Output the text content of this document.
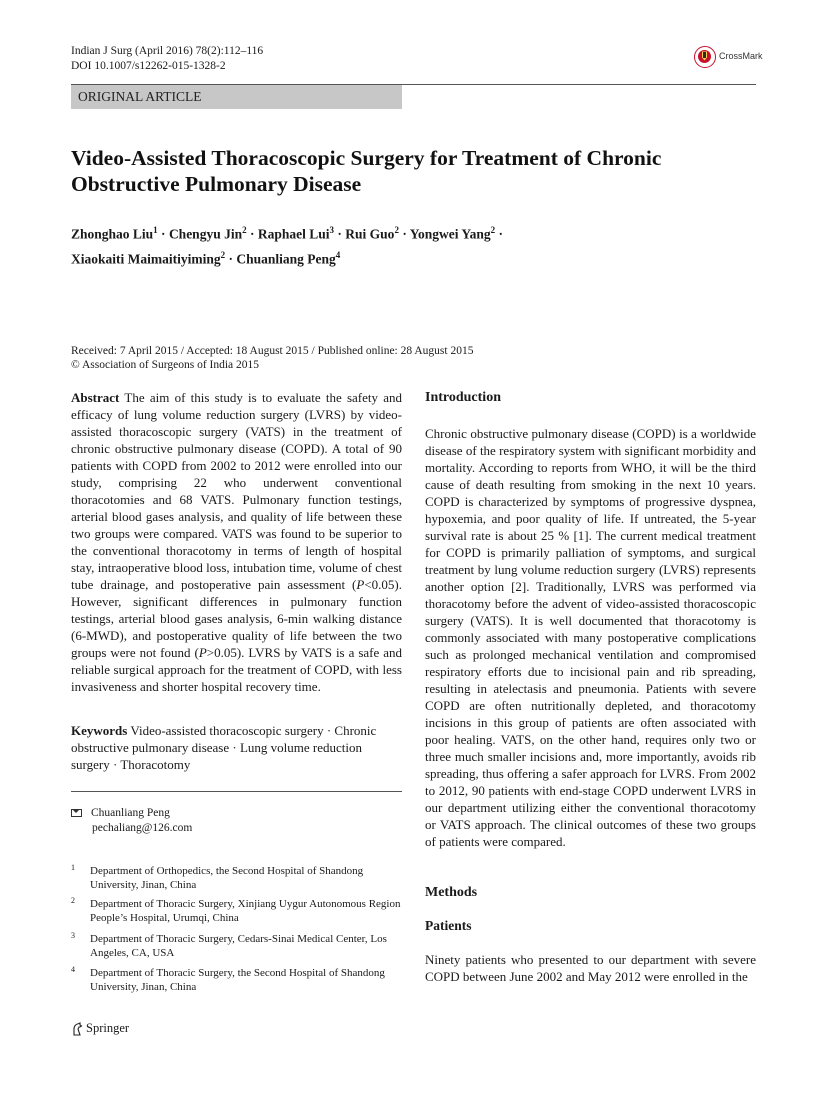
Indian J Surg (April 2016) 78(2):112–116
DOI 10.1007/s12262-015-1328-2
CrossMark
ORIGINAL ARTICLE
Video-Assisted Thoracoscopic Surgery for Treatment of Chronic
Obstructive Pulmonary Disease
Zhonghao Liu$^1$ · Chengyu Jin$^2$ · Raphael Lui$^3$ · Rui Guo$^2$ · Yongwei Yang$^2$ ·
Xiaokaiti Maimaitiyiming$^2$ · Chuanliang Peng$^4$
Received: 7 April 2015 / Accepted: 18 August 2015 / Published online: 28 August 2015
© Association of Surgeons of India 2015

Abstract The aim of this study is to evaluate the safety and efficacy of lung volume reduction surgery (LVRS) by video-assisted thoracoscopic surgery (VATS) in the treatment of chronic obstructive pulmonary disease (COPD). A total of 90 patients with COPD from 2002 to 2012 were enrolled into our study, comprising 22 who underwent conventional thoracotomies and 68 VATS. Pulmonary function testings, arterial blood gases analysis, and quality of life between these two groups were compared. VATS was found to be superior to the conventional thoracotomy in terms of length of hospital stay, intraoperative blood loss, intubation time, volume of chest tube drainage, and postoperative pain assessment (P<0.05). However, significant differences in pulmonary function testings, arterial blood gases analysis, 6-min walking distance (6-MWD), and postoperative quality of life between the two groups were not found (P>0.05). LVRS by VATS is a safe and reliable surgical approach for the treatment of COPD, with less invasiveness and shorter hospital recovery time.

Keywords Video-assisted thoracoscopic surgery · Chronic obstructive pulmonary disease · Lung volume reduction surgery · Thoracotomy

Chuanliang Peng
pechaliang@126.com
1 Department of Orthopedics, the Second Hospital of Shandong University, Jinan, China
2 Department of Thoracic Surgery, Xinjiang Uygur Autonomous Region People’s Hospital, Urumqi, China
3 Department of Thoracic Surgery, Cedars-Sinai Medical Center, Los Angeles, CA, USA
4 Department of Thoracic Surgery, the Second Hospital of Shandong University, Jinan, China

Introduction

Chronic obstructive pulmonary disease (COPD) is a worldwide disease of the respiratory system with significant morbidity and mortality. According to reports from WHO, it will be the third cause of death resulting from smoking in the next 10 years. COPD is characterized by symptoms of progressive dyspnea, hypoxemia, and poor quality of life. If untreated, the 5-year survival rate is about 25 % [1]. The current medical treatment for COPD is primarily palliation of symptoms, and surgical treatment by lung volume reduction surgery (LVRS) represents another option [2]. Traditionally, LVRS was performed via thoracotomy before the advent of video-assisted thoracoscopic surgery (VATS). It is well documented that thoracotomy is commonly associated with many postoperative complications such as prolonged mechanical ventilation and compromised respiratory efforts due to incisional pain and rib spreading, resulting in atelectasis and pneumonia. Patients with severe COPD are often nutritionally depleted, and thoracotomy incisions in this group of patients are often associated with poor healing. VATS, on the other hand, requires only two or three much smaller incisions and, more importantly, avoids rib spreading, thus offering a safer approach for LVRS. From 2002 to 2012, 90 patients with end-stage COPD underwent LVRS in our department utilizing either the conventional thoracotomy or VATS approach. The clinical outcomes of these two groups of patients were compared.

Methods

Patients

Ninety patients who presented to our department with severe COPD between June 2002 and May 2012 were enrolled in the

Springer
